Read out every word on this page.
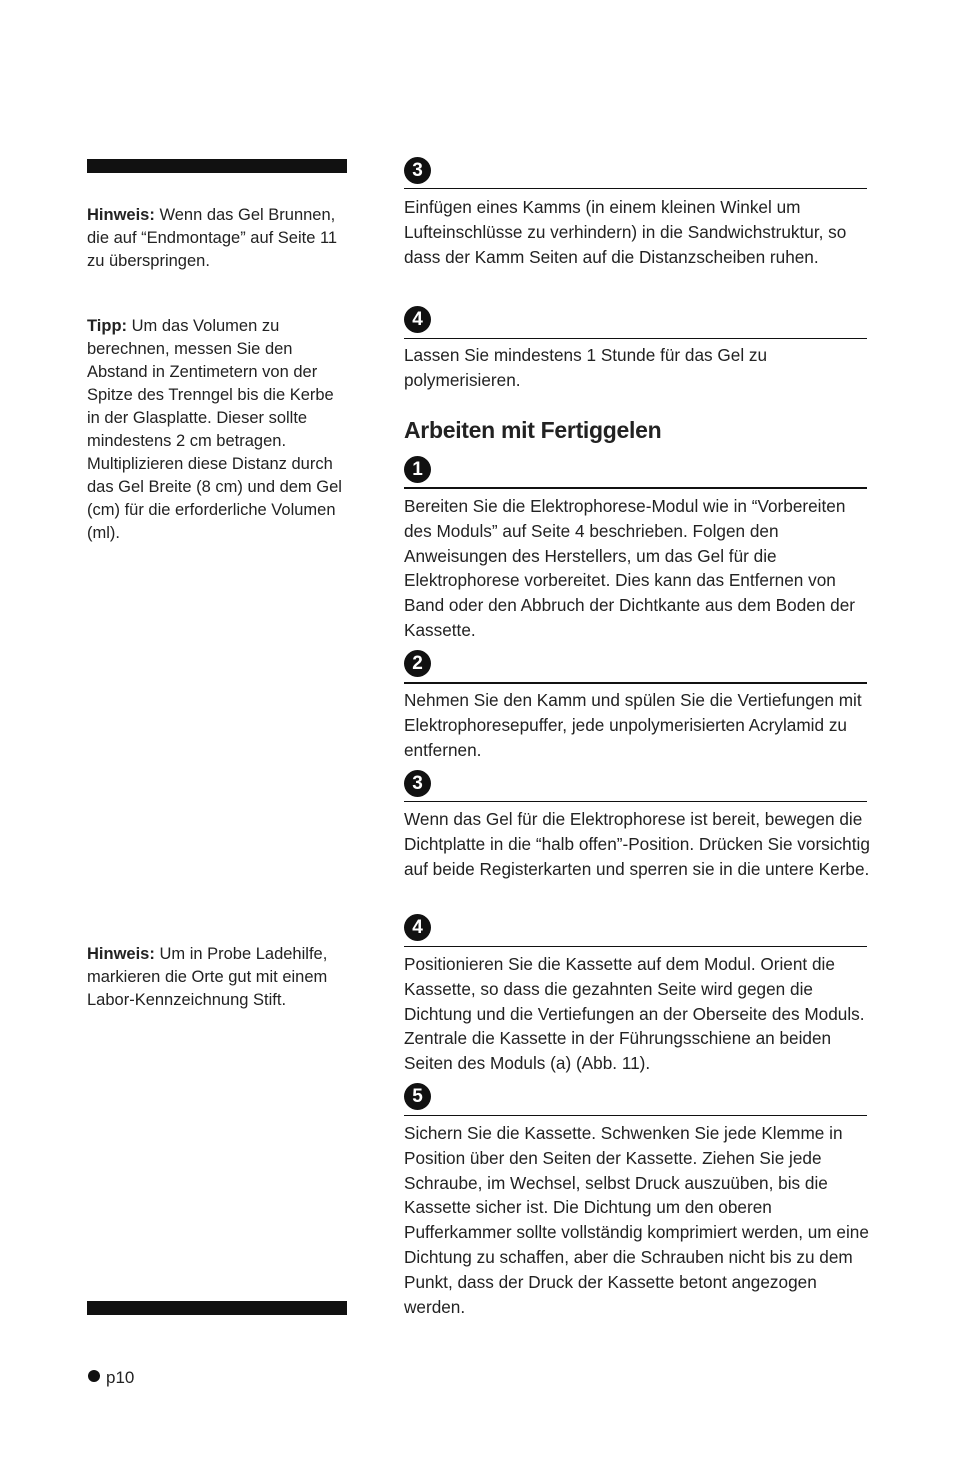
Hinweis: Wenn das Gel Brunnen, die auf “Endmontage” auf Seite 11 zu überspringen.
Tipp: Um das Volumen zu berechnen, messen Sie den Abstand in Zentimetern von der Spitze des Trenngel bis die Kerbe in der Glasplatte. Dieser sollte mindestens 2 cm betragen. Multiplizieren diese Distanz durch das Gel Breite (8 cm) und dem Gel (cm) für die erforderliche Volumen (ml).
Hinweis: Um in Probe Ladehilfe, markieren die Orte gut mit einem Labor-Kennzeichnung Stift.
3
Einfügen eines Kamms (in einem kleinen Winkel um Lufteinschlüsse zu verhindern) in die Sandwichstruktur, so dass der Kamm Seiten auf die Distanzscheiben ruhen.
4
Lassen Sie mindestens 1 Stunde für das Gel zu polymerisieren.
Arbeiten mit Fertiggelen
1
Bereiten Sie die Elektrophorese-Modul wie in “Vorbereiten des Moduls” auf Seite 4 beschrieben. Folgen den Anweisungen des Herstellers, um das Gel für die Elektrophorese vorbereitet. Dies kann das Entfernen von Band oder den Abbruch der Dichtkante aus dem Boden der Kassette.
2
Nehmen Sie den Kamm und spülen Sie die Vertiefungen mit Elektrophoresepuffer, jede unpolymerisierten Acrylamid zu entfernen.
3
Wenn das Gel für die Elektrophorese ist bereit, bewegen die Dichtplatte in die “halb offen”-Position. Drücken Sie vorsichtig auf beide Registerkarten und sperren sie in die untere Kerbe.
4
Positionieren Sie die Kassette auf dem Modul. Orient die Kassette, so dass die gezahnten Seite wird gegen die Dichtung und die Vertiefungen an der Oberseite des Moduls. Zentrale die Kassette in der Führungsschiene an beiden Seiten des Moduls (a) (Abb. 11).
5
Sichern Sie die Kassette. Schwenken Sie jede Klemme in Position über den Seiten der Kassette. Ziehen Sie jede Schraube, im Wechsel, selbst Druck auszuüben, bis die Kassette sicher ist. Die Dichtung um den oberen Pufferkammer sollte vollständig komprimiert werden, um eine Dichtung zu schaffen, aber die Schrauben nicht bis zu dem Punkt, dass der Druck der Kassette betont angezogen werden.
p10
